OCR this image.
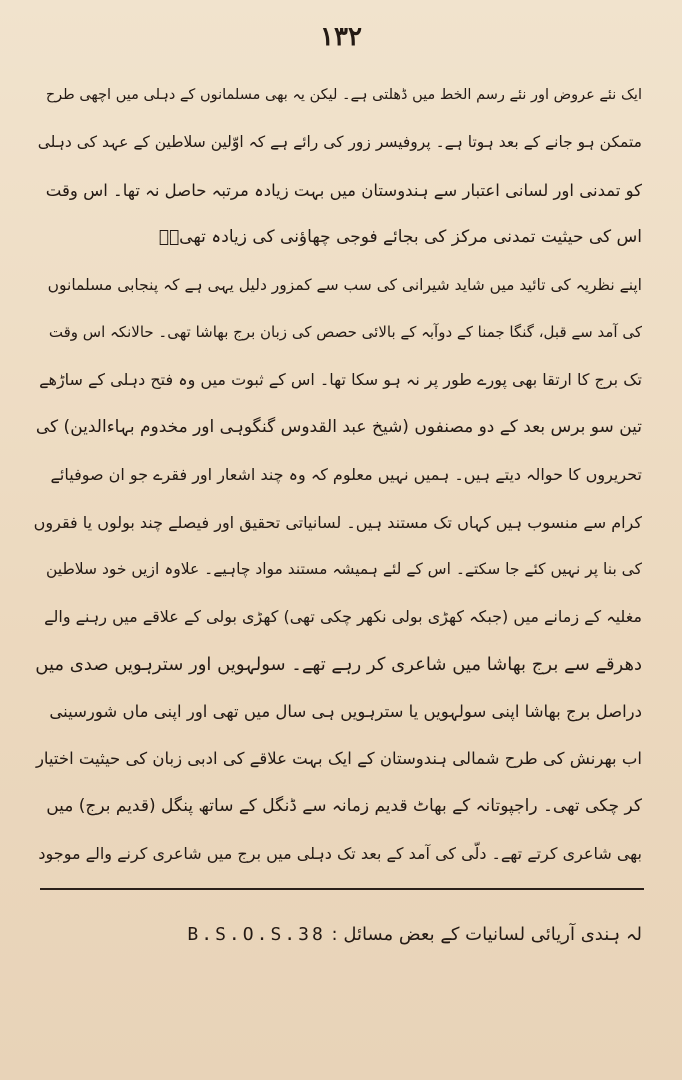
۱۳۲
ایک نئے عروض اور نئے رسم الخط میں ڈھلتی ہے۔ لیکن یہ بھی مسلمانوں کے دہلی میں اچھی طرح
متمکن ہو جانے کے بعد ہوتا ہے۔ پروفیسر زور کی رائے ہے کہ اوّلین سلاطین کے عہد کی دہلی
کو تمدنی اور لسانی اعتبار سے ہندوستان میں بہت زیادہ مرتبہ حاصل نہ تھا۔ اس وقت
اس کی حیثیت تمدنی مرکز کی بجائے فوجی چھاؤنی کی زیادہ تھی۔ؔ
اپنے نظریہ کی تائید میں شاید شیرانی کی سب سے کمزور دلیل یہی ہے کہ پنجابی مسلمانوں
کی آمد سے قبل، گنگا جمنا کے دوآبہ کے بالائی حصص کی زبان برج بھاشا تھی۔ حالانکہ اس وقت
تک برج کا ارتقا بھی پورے طور پر نہ ہو سکا تھا۔ اس کے ثبوت میں وہ فتح دہلی کے ساڑھے
تین سو برس بعد کے دو مصنفوں (شیخ عبد القدوس گنگوہی اور مخدوم بہاءالدین) کی
تحریروں کا حوالہ دیتے ہیں۔ ہمیں نہیں معلوم کہ وہ چند اشعار اور فقرے جو ان صوفیائے
کرام سے منسوب ہیں کہاں تک مستند ہیں۔ لسانیاتی تحقیق اور فیصلے چند بولوں یا فقروں
کی بنا پر نہیں کئے جا سکتے۔ اس کے لئے ہمیشہ مستند مواد چاہیے۔ علاوہ ازیں خود سلاطین
مغلیہ کے زمانے میں (جبکہ کھڑی بولی نکھر چکی تھی) کھڑی بولی کے علاقے میں رہنے والے
دھرقے سے برج بھاشا میں شاعری کر رہے تھے۔ سولہویں اور سترہویں صدی میں
دراصل برج بھاشا اپنی سولہویں یا سترہویں ہی سال میں تھی اور اپنی ماں شورسینی
اب بھرنش کی طرح شمالی ہندوستان کے ایک بہت علاقے کی ادبی زبان کی حیثیت اختیار
کر چکی تھی۔ راجپوتانہ کے بھاٹ قدیم زمانہ سے ڈنگل کے ساتھ پنگل (قدیم برج) میں
بھی شاعری کرتے تھے۔ دلّی کی آمد کے بعد تک دہلی میں برج میں شاعری کرنے والے موجود
لہ ہندی آریائی لسانیات کے بعض مسائل : B.S.O.S.38
